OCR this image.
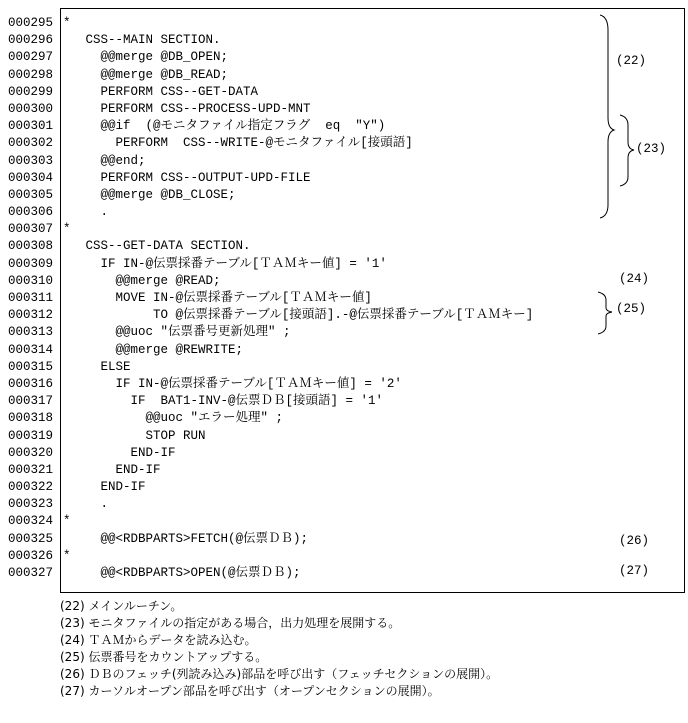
000295
000296
000297
000298
000299
000300
000301
000302
000303
000304
000305
000306
000307
000308
000309
000310
000311
000312
000313
000314
000315
000316
000317
000318
000319
000320
000321
000322
000323
000324
000325
000326
000327
*
CSS--MAIN SECTION.
@@merge @DB_OPEN;
@@merge @DB_READ;
PERFORM CSS--GET-DATA
PERFORM CSS--PROCESS-UPD-MNT
@@if  (@モニタファイル指定フラグ  eq  "Y")
PERFORM  CSS--WRITE-@モニタファイル[接頭語]
@@end;
PERFORM CSS--OUTPUT-UPD-FILE
@@merge @DB_CLOSE;
.
*
CSS--GET-DATA SECTION.
IF IN-@伝票採番テーブル[ＴＡＭキー値] = '1'
@@merge @READ;
MOVE IN-@伝票採番テーブル[ＴＡＭキー値]
TO @伝票採番テーブル[接頭語].-@伝票採番テーブル[ＴＡＭキー]
@@uoc "伝票番号更新処理" ;
@@merge @REWRITE;
ELSE
IF IN-@伝票採番テーブル[ＴＡＭキー値] = '2'
IF  BAT1-INV-@伝票ＤＢ[接頭語] = '1'
@@uoc "エラー処理" ;
STOP RUN
END-IF
END-IF
END-IF
.
*
@@<RDBPARTS>FETCH(@伝票ＤＢ);
*
@@<RDBPARTS>OPEN(@伝票ＤＢ);
(22)
(23)
(24)
(25)
(26)
(27)
(22) メインルーチン。
(23) モニタファイルの指定がある場合，出力処理を展開する。
(24) ＴＡＭからデータを読み込む。
(25) 伝票番号をカウントアップする。
(26) ＤＢのフェッチ(列読み込み)部品を呼び出す（フェッチセクションの展開）。
(27) カーソルオープン部品を呼び出す（オープンセクションの展開）。
